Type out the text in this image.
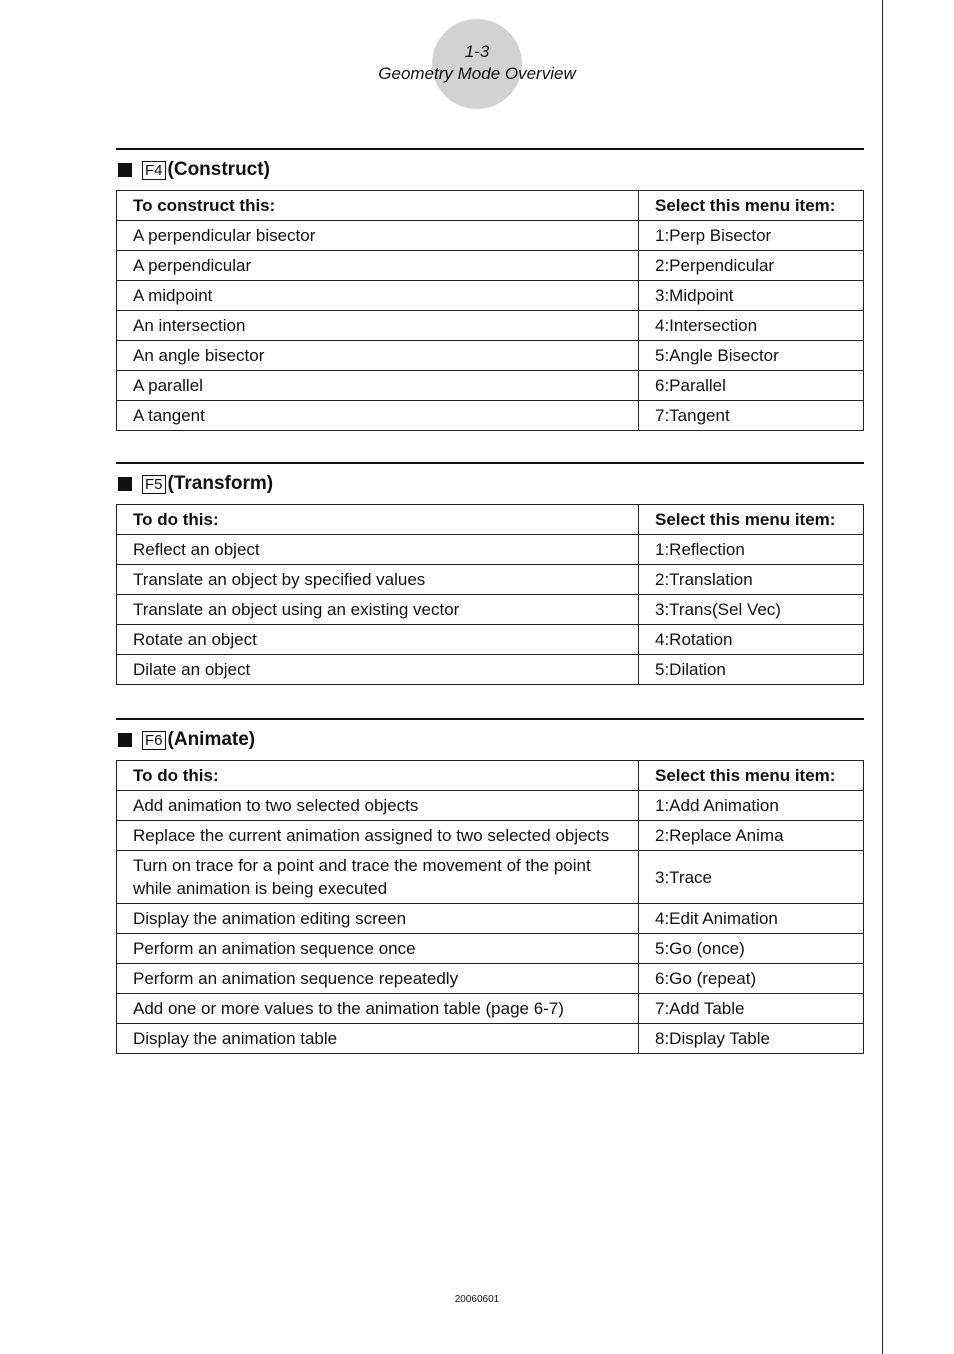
1-3
Geometry Mode Overview
F4 (Construct)
To construct this:	Select this menu item:
A perpendicular bisector	1:Perp Bisector
A perpendicular	2:Perpendicular
A midpoint	3:Midpoint
An intersection	4:Intersection
An angle bisector	5:Angle Bisector
A parallel	6:Parallel
A tangent	7:Tangent
F5 (Transform)
To do this:	Select this menu item:
Reflect an object	1:Reflection
Translate an object by specified values	2:Translation
Translate an object using an existing vector	3:Trans(Sel Vec)
Rotate an object	4:Rotation
Dilate an object	5:Dilation
F6 (Animate)
To do this:	Select this menu item:
Add animation to two selected objects	1:Add Animation
Replace the current animation assigned to two selected objects	2:Replace Anima
Turn on trace for a point and trace the movement of the point while animation is being executed	3:Trace
Display the animation editing screen	4:Edit Animation
Perform an animation sequence once	5:Go (once)
Perform an animation sequence repeatedly	6:Go (repeat)
Add one or more values to the animation table (page 6-7)	7:Add Table
Display the animation table	8:Display Table
20060601
